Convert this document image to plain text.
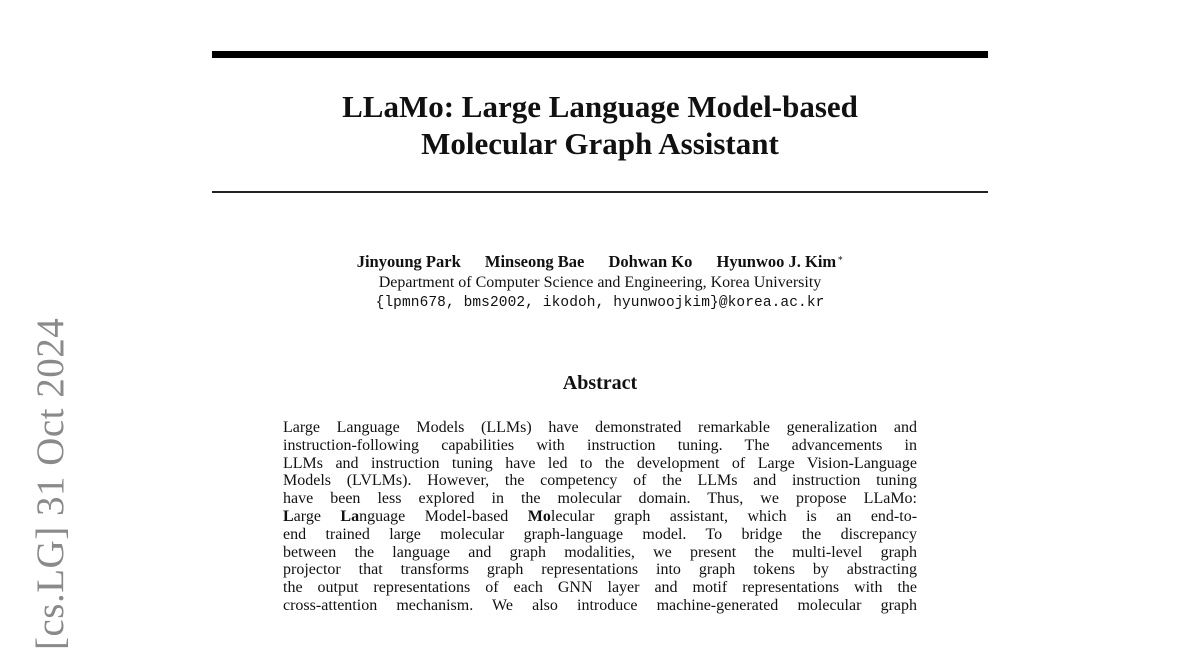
[cs.LG] 31 Oct 2024
LLaMo: Large Language Model-based
Molecular Graph Assistant
Jinyoung Park Minseong Bae Dohwan Ko Hyunwoo J. Kim∗
Department of Computer Science and Engineering, Korea University
{lpmn678, bms2002, ikodoh, hyunwoojkim}@korea.ac.kr
Abstract
Large Language Models (LLMs) have demonstrated remarkable generalization and
instruction-following capabilities with instruction tuning. The advancements in
LLMs and instruction tuning have led to the development of Large Vision-Language
Models (LVLMs). However, the competency of the LLMs and instruction tuning
have been less explored in the molecular domain. Thus, we propose LLaMo:
Large Language Model-based Molecular graph assistant, which is an end-to-
end trained large molecular graph-language model. To bridge the discrepancy
between the language and graph modalities, we present the multi-level graph
projector that transforms graph representations into graph tokens by abstracting
the output representations of each GNN layer and motif representations with the
cross-attention mechanism. We also introduce machine-generated molecular graph
